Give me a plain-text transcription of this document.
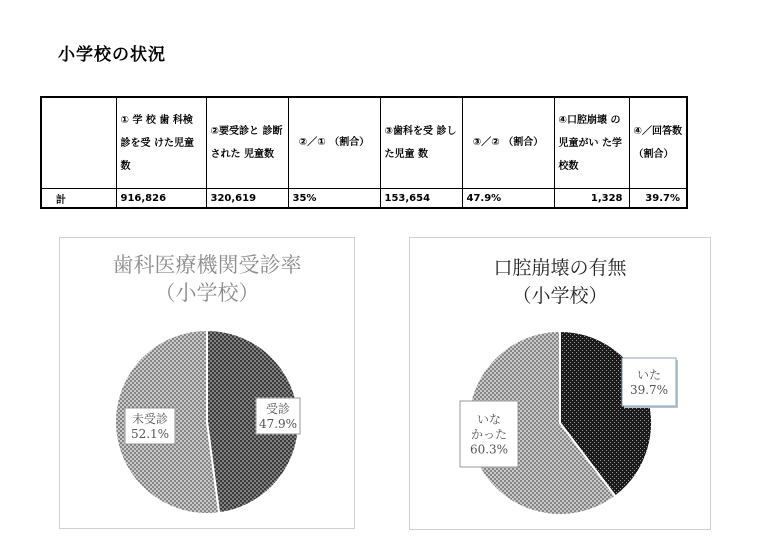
小学校の状況
	① 学 校 歯 科検診を受 けた児童数	②要受診と 診断された 児童数	②／① （割合）	③歯科を受 診した児童 数	③／② （割合）	④口腔崩壊 の児童がい た学校数	④／回答数 （割合）
計	916,826	320,619	35%	153,654	47.9%	1,328	39.7%
歯科医療機関受診率
（小学校）
受診
47.9%
未受診
52.1%
口腔崩壊の有無
（小学校）
いた
39.7%
いな
かった
60.3%
